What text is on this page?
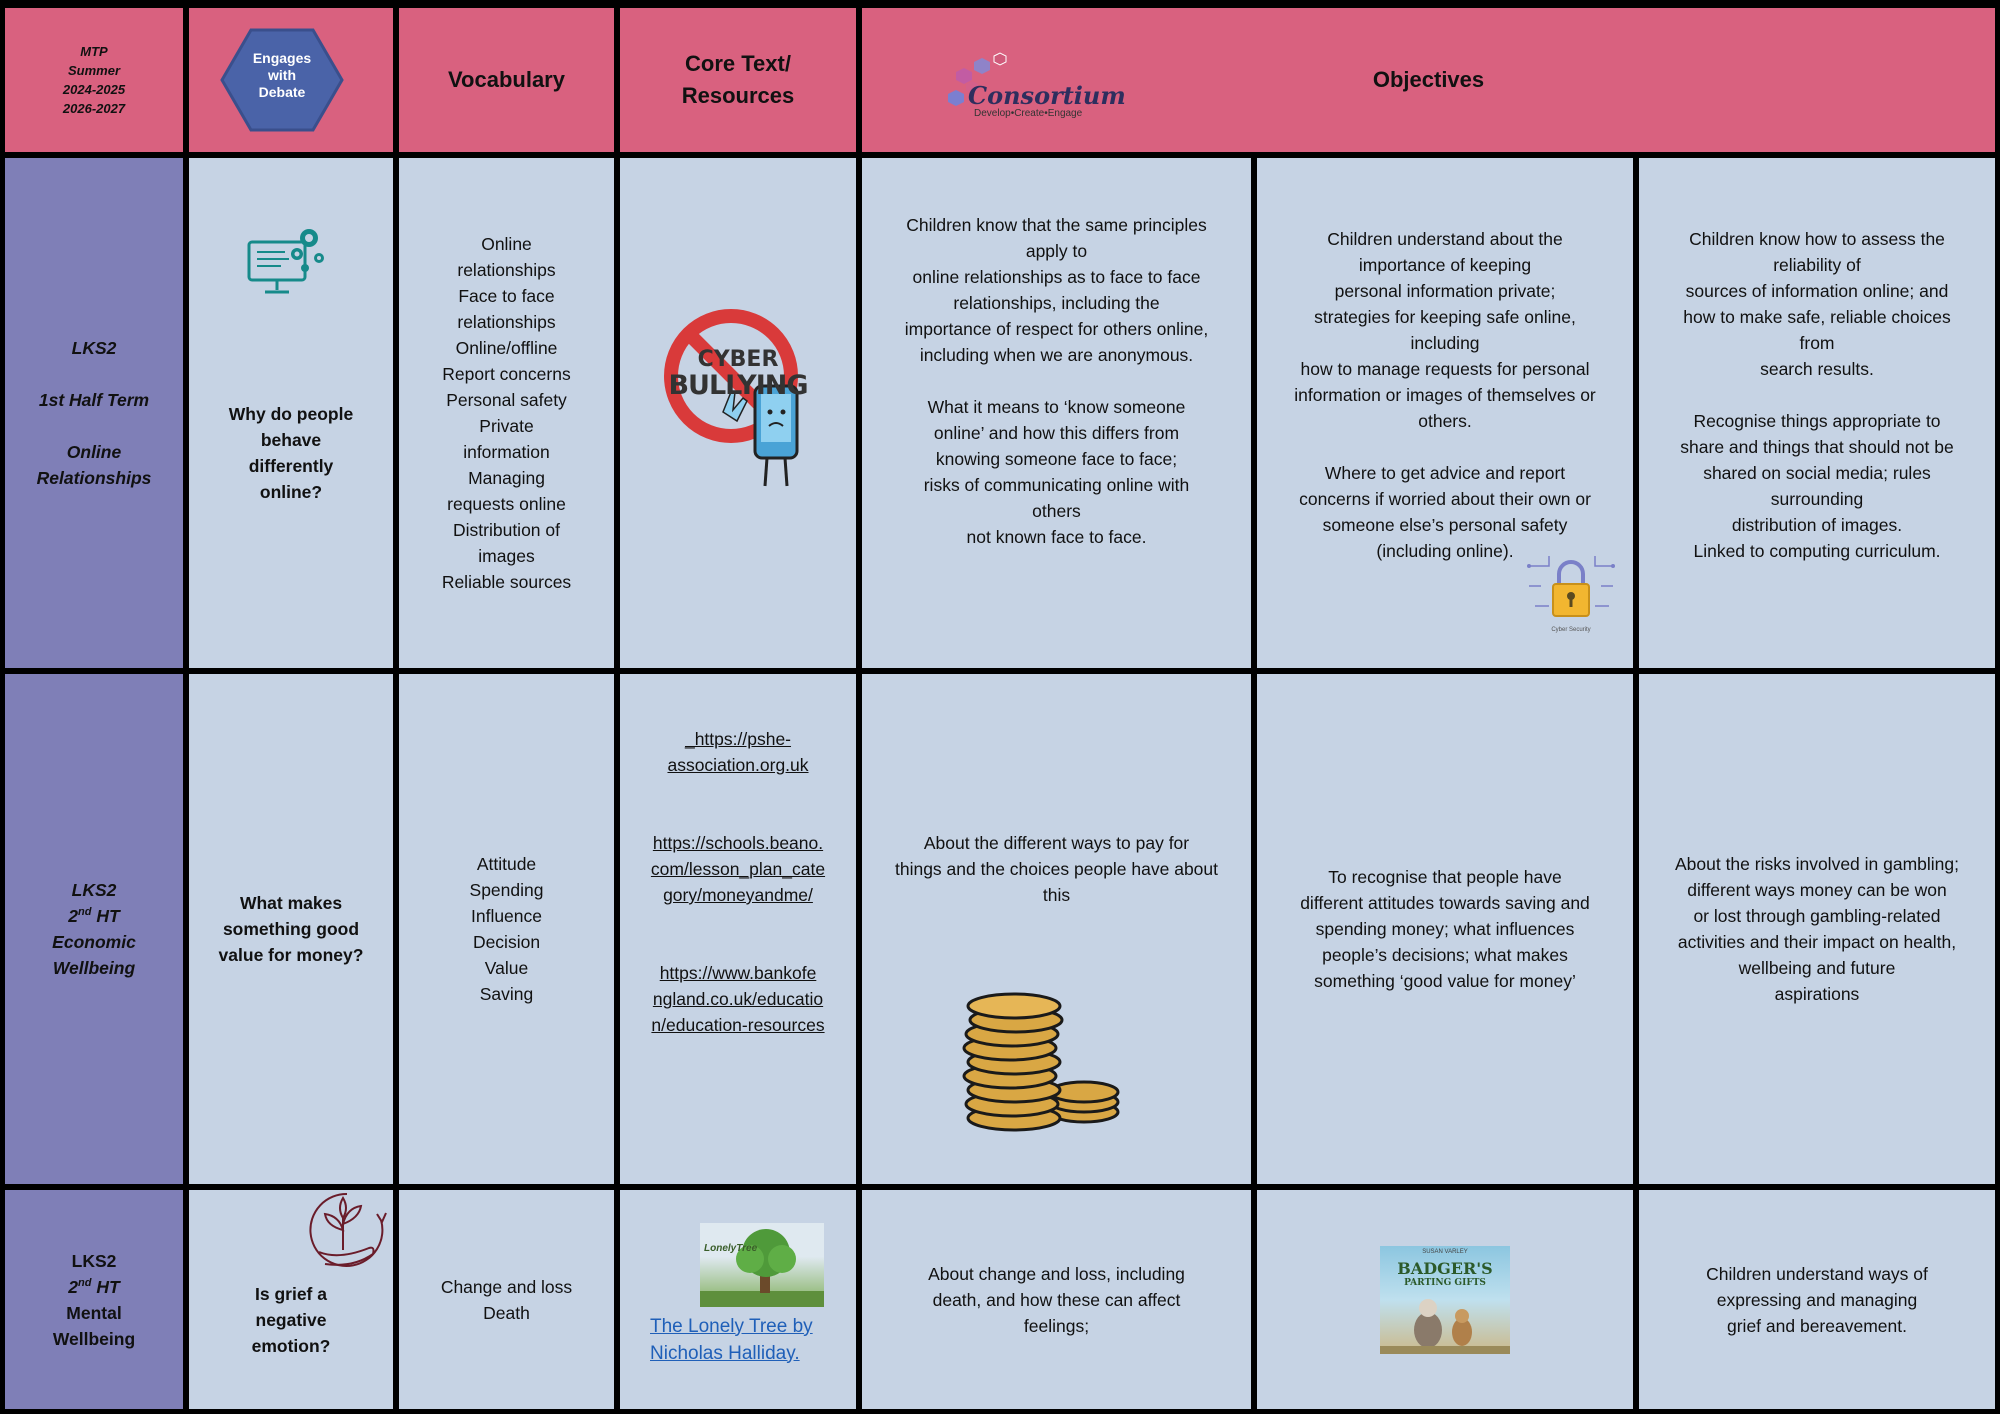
MTP
Summer
2024-2025
2026-2027
Engages
with
Debate	Vocabulary
Core Text/
Resources
Objectives
Consortium
Develop•Create•Engage
LKS2
1st Half Term
Online
Relationships
Why do people
behave
differently
online?
Online
relationships
Face to face
relationships
Online/offline
Report concerns
Personal safety
Private
information
Managing
requests online
Distribution of
images
Reliable sources
CYBER
BULLYING
Children know that the same principles
apply to
online relationships as to face to face
relationships, including the
importance of respect for others online,
including when we are anonymous.
What it means to ‘know someone
online’ and how this differs from
knowing someone face to face;
risks of communicating online with
others
not known face to face.
Children understand about the
importance of keeping
personal information private;
strategies for keeping safe online,
including
how to manage requests for personal
information or images of themselves or
others.
Where to get advice and report
concerns if worried about their own or
someone else’s personal safety
(including online).
Cyber Security
Children know how to assess the
reliability of
sources of information online; and
how to make safe, reliable choices
from
search results.
Recognise things appropriate to
share and things that should not be
shared on social media; rules
surrounding
distribution of images.
Linked to computing curriculum.
LKS2
2nd HT
Economic
Wellbeing
What makes
something good
value for money?
Attitude
Spending
Influence
Decision
Value
Saving
_https://pshe-
association.org.uk
https://schools.beano.
com/lesson_plan_cate
gory/moneyandme/
https://www.bankofe
ngland.co.uk/educatio
n/education-resources
About the different ways to pay for
things and the choices people have about
this
To recognise that people have
different attitudes towards saving and
spending money; what influences
people’s decisions; what makes
something ‘good value for money’
About the risks involved in gambling;
different ways money can be won
or lost through gambling-related
activities and their impact on health,
wellbeing and future
aspirations
LKS2
2nd HT
Mental
Wellbeing
Is grief a
negative
emotion?
Change and loss
Death
LonelyTree
The Lonely Tree by
Nicholas Halliday.
About change and loss, including
death, and how these can affect
feelings;
SUSAN VARLEY
BADGER'S
PARTING GIFTS	Children understand ways of
expressing and managing
grief and bereavement.
